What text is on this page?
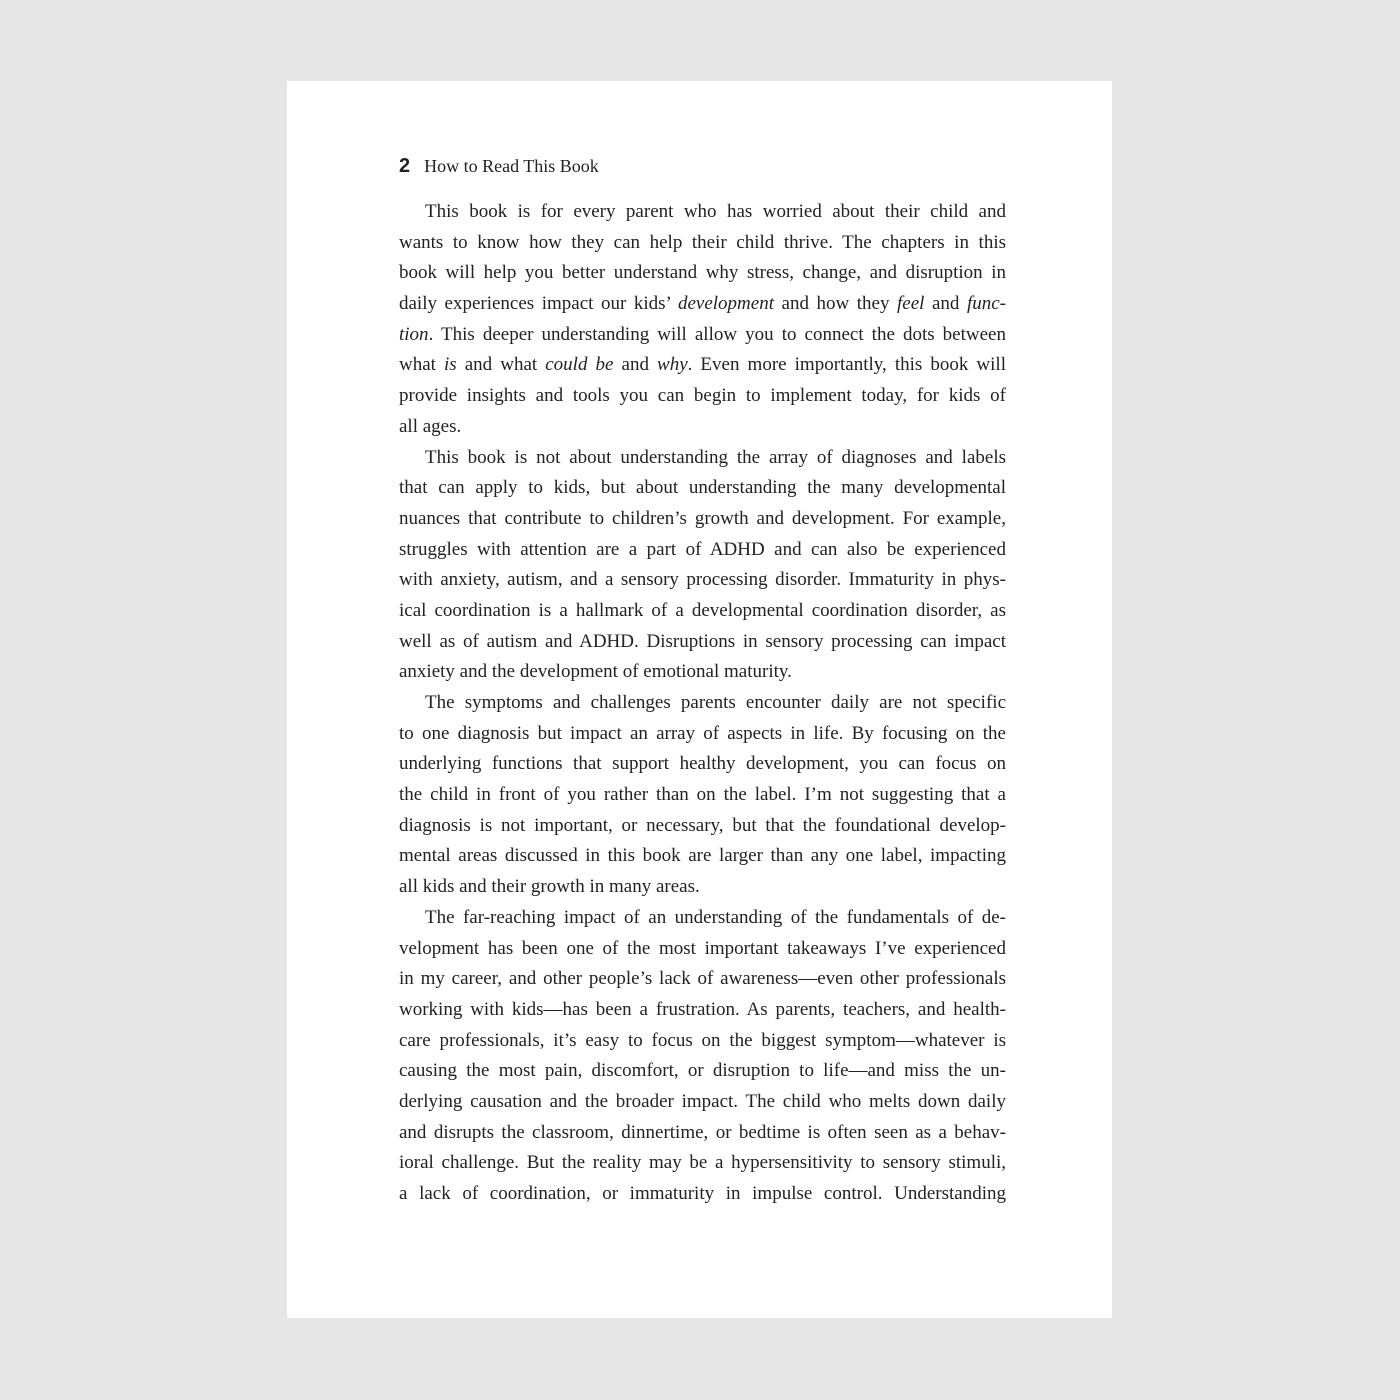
2 How to Read This Book
This book is for every parent who has worried about their child and
wants to know how they can help their child thrive. The chapters in this
book will help you better understand why stress, change, and disruption in
daily experiences impact our kids’ development and how they feel and func-
tion. This deeper understanding will allow you to connect the dots between
what is and what could be and why. Even more importantly, this book will
provide insights and tools you can begin to implement today, for kids of
all ages.
This book is not about understanding the array of diagnoses and labels
that can apply to kids, but about understanding the many developmental
nuances that contribute to children’s growth and development. For example,
struggles with attention are a part of ADHD and can also be experienced
with anxiety, autism, and a sensory processing disorder. Immaturity in phys-
ical coordination is a hallmark of a developmental coordination disorder, as
well as of autism and ADHD. Disruptions in sensory processing can impact
anxiety and the development of emotional maturity.
The symptoms and challenges parents encounter daily are not specific
to one diagnosis but impact an array of aspects in life. By focusing on the
underlying functions that support healthy development, you can focus on
the child in front of you rather than on the label. I’m not suggesting that a
diagnosis is not important, or necessary, but that the foundational develop-
mental areas discussed in this book are larger than any one label, impacting
all kids and their growth in many areas.
The far-reaching impact of an understanding of the fundamentals of de-
velopment has been one of the most important takeaways I’ve experienced
in my career, and other people’s lack of awareness—even other professionals
working with kids—has been a frustration. As parents, teachers, and health-
care professionals, it’s easy to focus on the biggest symptom—whatever is
causing the most pain, discomfort, or disruption to life—and miss the un-
derlying causation and the broader impact. The child who melts down daily
and disrupts the classroom, dinnertime, or bedtime is often seen as a behav-
ioral challenge. But the reality may be a hypersensitivity to sensory stimuli,
a lack of coordination, or immaturity in impulse control. Understanding
